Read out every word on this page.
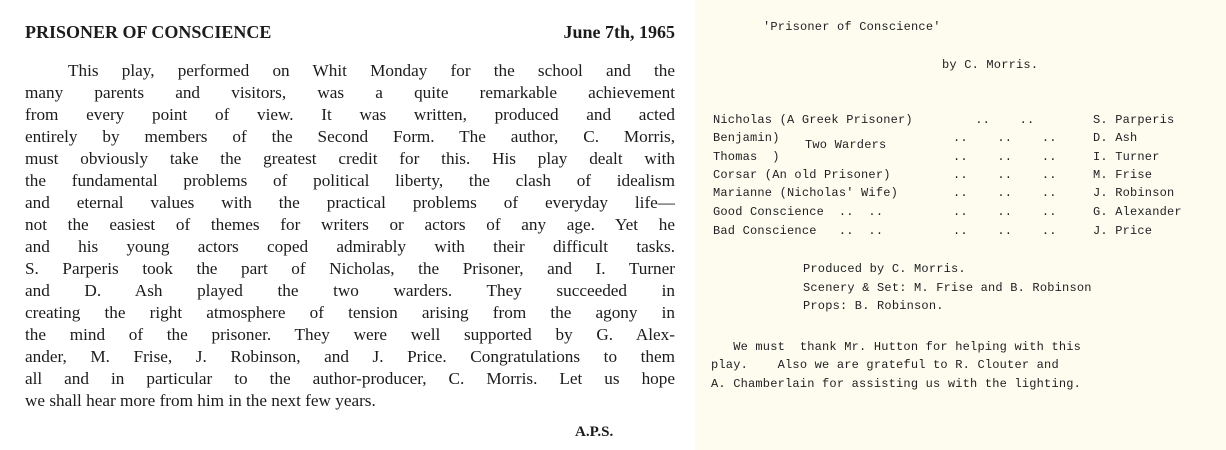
PRISONER OF CONSCIENCE	June 7th, 1965
This play, performed on Whit Monday for the school and the
many parents and visitors, was a quite remarkable achievement
from every point of view. It was written, produced and acted
entirely by members of the Second Form. The author, C. Morris,
must obviously take the greatest credit for this. His play dealt with
the fundamental problems of political liberty, the clash of idealism
and eternal values with the practical problems of everyday life—
not the easiest of themes for writers or actors of any age. Yet he
and his young actors coped admirably with their difficult tasks.
S. Parperis took the part of Nicholas, the Prisoner, and I. Turner
and D. Ash played the two warders. They succeeded in
creating the right atmosphere of tension arising from the agony in
the mind of the prisoner. They were well supported by G. Alex-
ander, M. Frise, J. Robinson, and J. Price. Congratulations to them
all and in particular to the author-producer, C. Morris. Let us hope
we shall hear more from him in the next few years.
A.P.S.
'Prisoner of Conscience'
by C. Morris.
Nicholas (A Greek Prisoner)	..    ..	S. Parperis
Benjamin) Two Warders	..    ..    ..	D. Ash
Thomas  )	..    ..    ..	I. Turner
Corsar (An old Prisoner)	..    ..    ..	M. Frise
Marianne (Nicholas' Wife)	..    ..    ..	J. Robinson
Good Conscience  ..  ..	..    ..    ..	G. Alexander
Bad Conscience   ..  ..	..    ..    ..	J. Price
Produced by C. Morris.
Scenery & Set: M. Frise and B. Robinson
Props: B. Robinson.
We must  thank Mr. Hutton for helping with this
play.    Also we are grateful to R. Clouter and
A. Chamberlain for assisting us with the lighting.
